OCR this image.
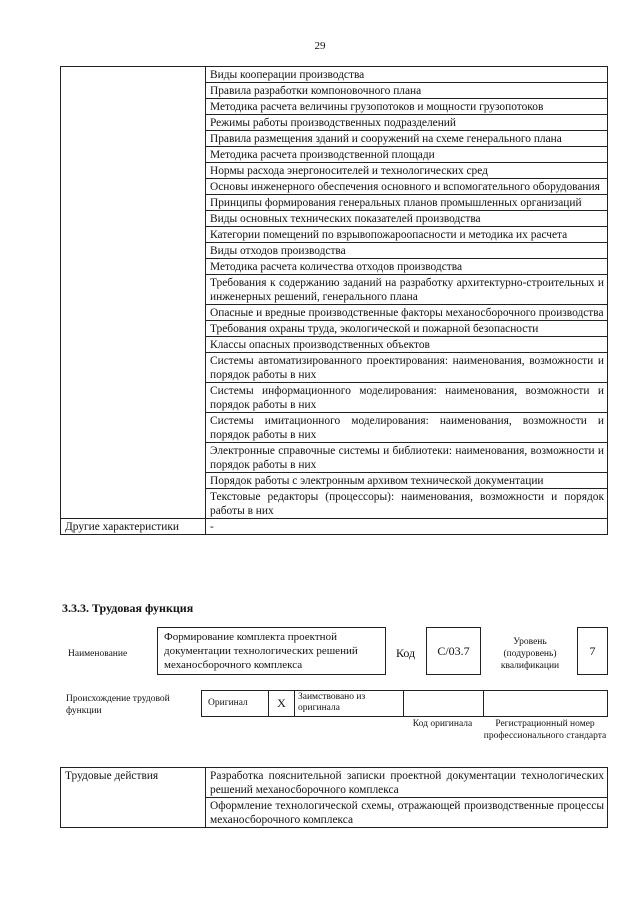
29
	Виды кооперации производства
	Правила разработки компоновочного плана
	Методика расчета величины грузопотоков и мощности грузопотоков
	Режимы работы производственных подразделений
	Правила размещения зданий и сооружений на схеме генерального плана
	Методика расчета производственной площади
	Нормы расхода энергоносителей и технологических сред
	Основы инженерного обеспечения основного и вспомогательного оборудования
	Принципы формирования генеральных планов промышленных организаций
	Виды основных технических показателей производства
	Категории помещений по взрывопожароопасности и методика их расчета
	Виды отходов производства
	Методика расчета количества отходов производства
	Требования к содержанию заданий на разработку архитектурно-строительных и инженерных решений, генерального плана
	Опасные и вредные производственные факторы механосборочного производства
	Требования охраны труда, экологической и пожарной безопасности
	Классы опасных производственных объектов
	Системы автоматизированного проектирования: наименования, возможности и порядок работы в них
	Системы информационного моделирования: наименования, возможности и порядок работы в них
	Системы имитационного моделирования: наименования, возможности и порядок работы в них
	Электронные справочные системы и библиотеки: наименования, возможности и порядок работы в них
	Порядок работы с электронным архивом технической документации
	Текстовые редакторы (процессоры): наименования, возможности и порядок работы в них
Другие характеристики	-
3.3.3. Трудовая функция
Наименование
Формирование комплекта проектной документации технологических решений механосборочного комплекса
Код	С/03.7
Уровень (подуровень) квалификации
7
Происхождение трудовой функции
Оригинал	X	Заимствовано из оригинала
Код оригинала	Регистрационный номер профессионального стандарта
Трудовые действия	Разработка пояснительной записки проектной документации технологических решений механосборочного комплекса
Оформление технологической схемы, отражающей производственные процессы механосборочного комплекса
